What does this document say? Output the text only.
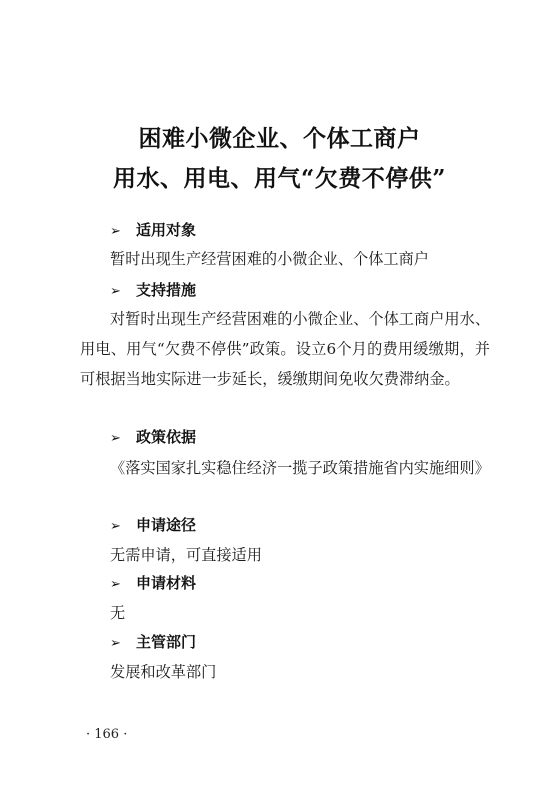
困难小微企业、个体工商户
用水、用电、用气“欠费不停供”
➢ 适用对象
暂时出现生产经营困难的小微企业、个体工商户
➢ 支持措施
对暂时出现生产经营困难的小微企业、个体工商户用水、用电、用气“欠费不停供”政策。设立6个月的费用缓缴期，并可根据当地实际进一步延长，缓缴期间免收欠费滞纳金。
➢ 政策依据
《落实国家扎实稳住经济一揽子政策措施省内实施细则》
➢ 申请途径
无需申请，可直接适用
➢ 申请材料
无
➢ 主管部门
发展和改革部门
· 166 ·
